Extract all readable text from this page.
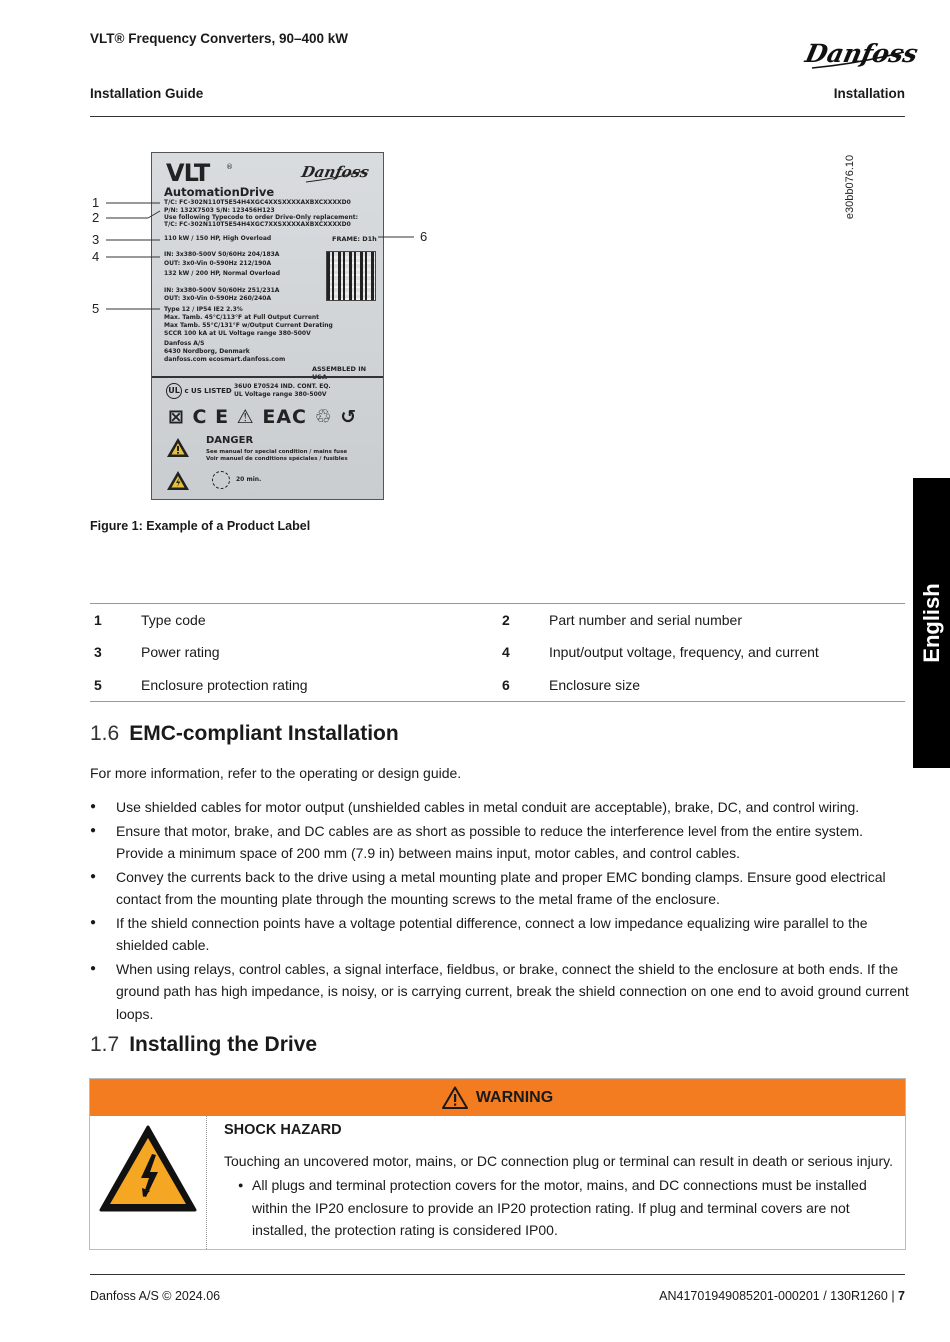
VLT® Frequency Converters, 90–400 kW
Installation Guide	Installation
Danfoss
English
VLT ®	Danfoss
AutomationDrive
T/C: FC-302N110T5E54H4XGC4XXSXXXXAXBXCXXXXD0
P/N: 132X7503 S/N: 123456H123
Use following Typecode to order Drive-Only replacement:
T/C: FC-302N110T5E54H4XGC7XXSXXXXAXBXCXXXXD0
110 kW / 150 HP, High Overload	FRAME: D1h
IN: 3x380-500V 50/60Hz 204/183A
OUT: 3x0-Vin 0-590Hz 212/190A
132 kW / 200 HP, Normal Overload
IN: 3x380-500V 50/60Hz 251/231A
OUT: 3x0-Vin 0-590Hz 260/240A
Type 12 / IP54 IE2 2.3%
Max. Tamb. 45°C/113°F at Full Output Current
Max Tamb. 55°C/131°F w/Output Current Derating
SCCR 100 kA at UL Voltage range 380-500V
Danfoss A/S
6430 Nordborg, Denmark
danfoss.com ecosmart.danfoss.com
ASSEMBLED IN
UL c US LISTED
36U0 E70524 IND. CONT. EQ.
UL Voltage range 380-500V
⊠ C E ⚠ EAC ♲ ↺
DANGER
See manual for special condition / mains fuse
Voir manuel de conditions spéciales / fusibles
20 min.
1
2
3
4
5
6
e30bb076.10
Figure 1: Example of a Product Label
1	Type code	2	Part number and serial number
3	Power rating	4	Input/output voltage, frequency, and current
5	Enclosure protection rating	6	Enclosure size
1.6 EMC-compliant Installation
For more information, refer to the operating or design guide.
● Use shielded cables for motor output (unshielded cables in metal conduit are acceptable), brake, DC, and control wiring.
● Ensure that motor, brake, and DC cables are as short as possible to reduce the interference level from the entire system. Provide a minimum space of 200 mm (7.9 in) between mains input, motor cables, and control cables.
● Convey the currents back to the drive using a metal mounting plate and proper EMC bonding clamps. Ensure good electrical contact from the mounting plate through the mounting screws to the metal frame of the enclosure.
● If the shield connection points have a voltage potential difference, connect a low impedance equalizing wire parallel to the shielded cable.
● When using relays, control cables, a signal interface, fieldbus, or brake, connect the shield to the enclosure at both ends. If the ground path has high impedance, is noisy, or is carrying current, break the shield connection on one end to avoid ground current loops.
1.7 Installing the Drive
WARNING
SHOCK HAZARD
Touching an uncovered motor, mains, or DC connection plug or terminal can result in death or serious injury.
● All plugs and terminal protection covers for the motor, mains, and DC connections must be installed within the IP20 enclosure to provide an IP20 protection rating. If plug and terminal covers are not installed, the protection rating is considered IP00.
Danfoss A/S © 2024.06	AN41701949085201-000201 / 130R1260 | 7
